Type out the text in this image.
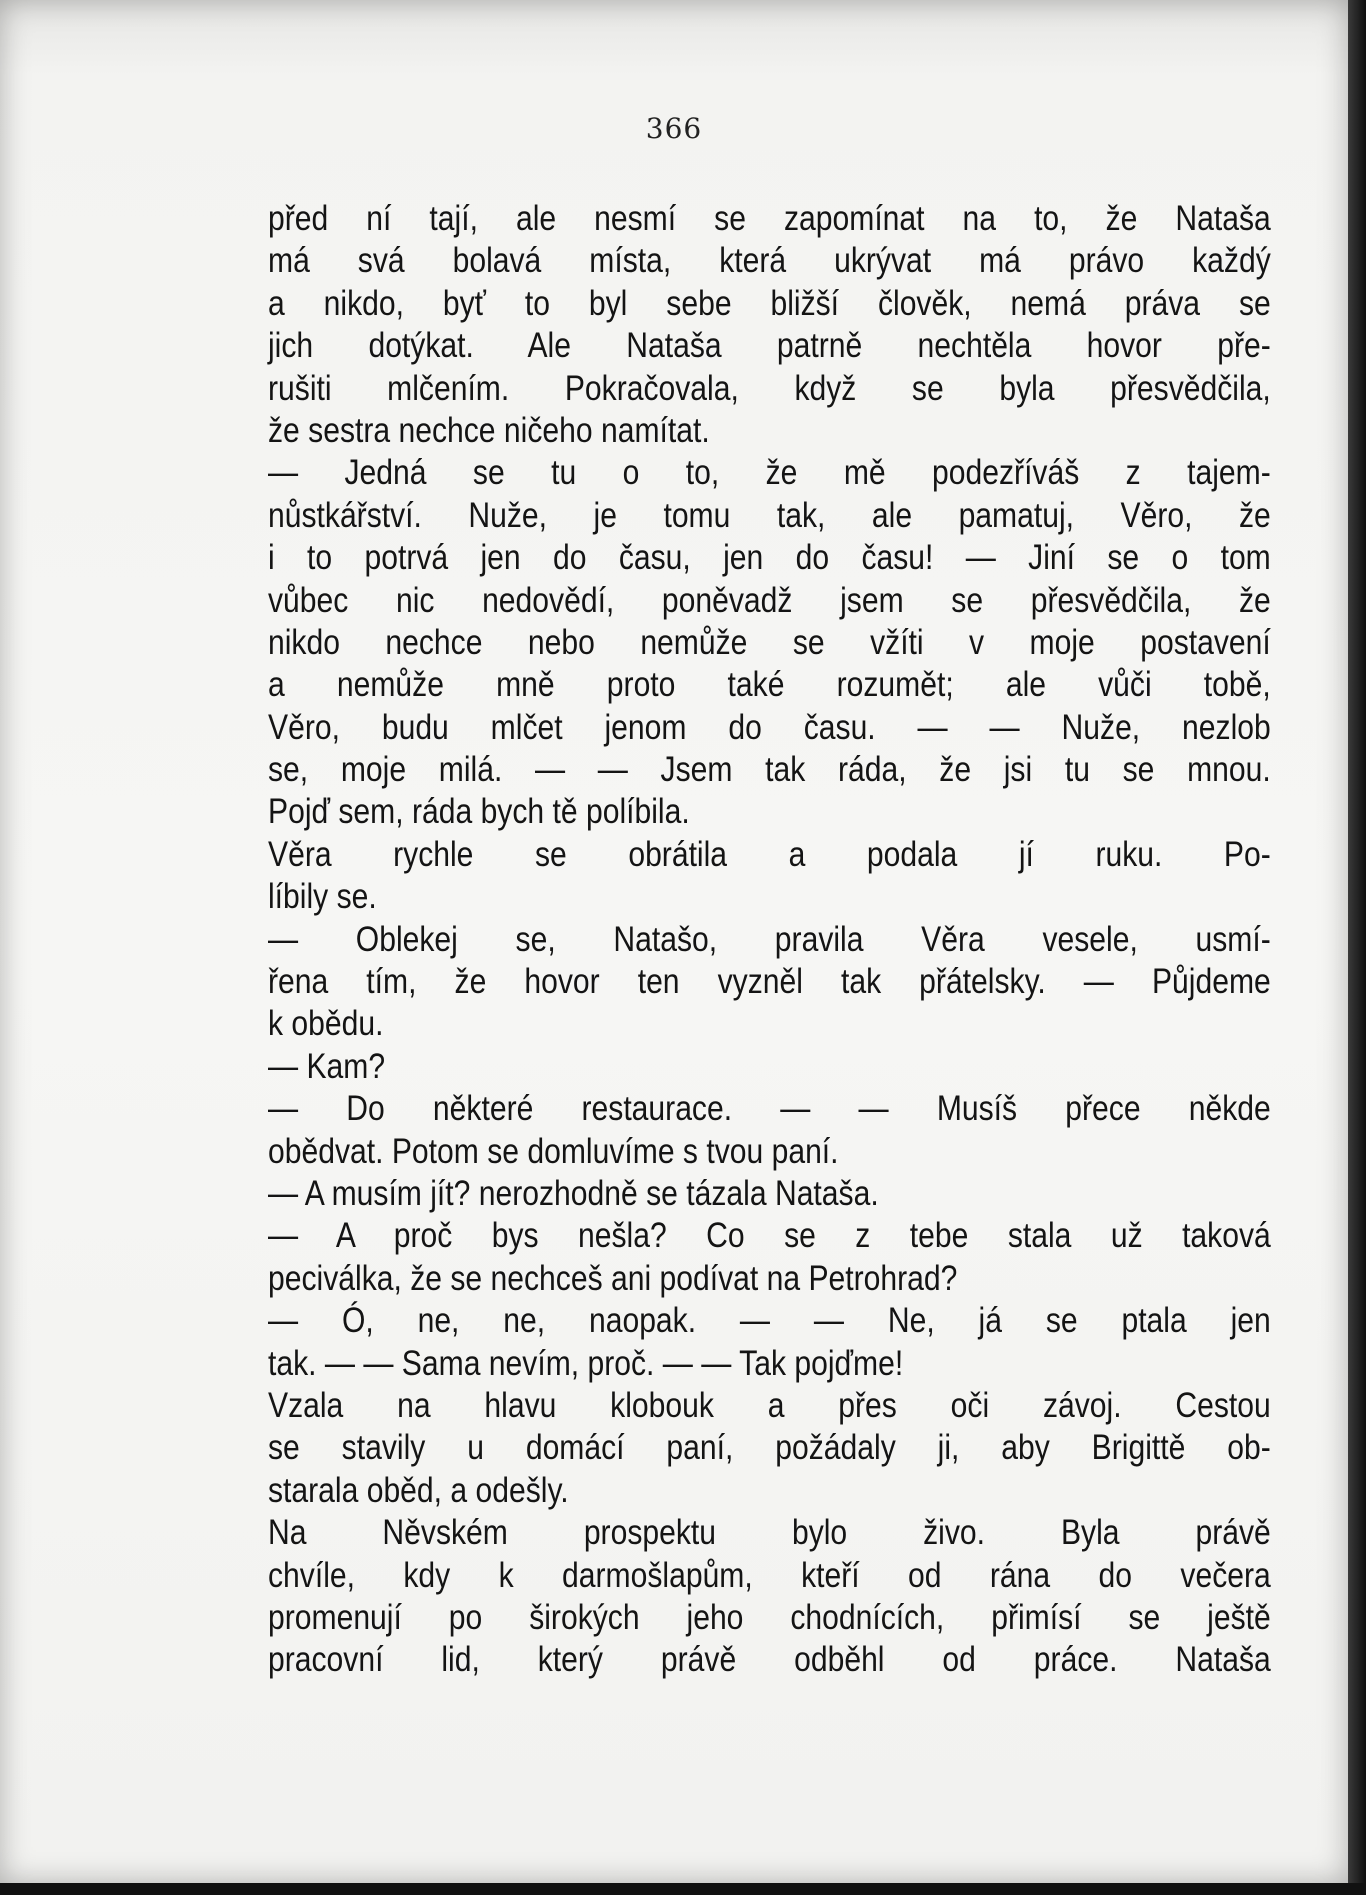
366
před ní tají, ale nesmí se zapomínat na to, že Nataša
má svá bolavá místa, která ukrývat má právo každý
a nikdo, byť to byl sebe bližší člověk, nemá práva se
jich dotýkat. Ale Nataša patrně nechtěla hovor pře-
rušiti mlčením. Pokračovala, když se byla přesvědčila,
že sestra nechce ničeho namítat.
— Jedná se tu o to, že mě podezříváš z tajem-
nůstkářství. Nuže, je tomu tak, ale pamatuj, Věro, že
i to potrvá jen do času, jen do času! — Jiní se o tom
vůbec nic nedovědí, poněvadž jsem se přesvědčila, že
nikdo nechce nebo nemůže se vžíti v moje postavení
a nemůže mně proto také rozumět; ale vůči tobě,
Věro, budu mlčet jenom do času. — — Nuže, nezlob
se, moje milá. — — Jsem tak ráda, že jsi tu se mnou.
Pojď sem, ráda bych tě políbila.
Věra rychle se obrátila a podala jí ruku. Po-
líbily se.
— Oblekej se, Natašo, pravila Věra vesele, usmí-
řena tím, že hovor ten vyzněl tak přátelsky. — Půjdeme
k obědu.
— Kam?
— Do některé restaurace. — — Musíš přece někde
obědvat. Potom se domluvíme s tvou paní.
— A musím jít? nerozhodně se tázala Nataša.
— A proč bys nešla? Co se z tebe stala už taková
peciválka, že se nechceš ani podívat na Petrohrad?
— Ó, ne, ne, naopak. — — Ne, já se ptala jen
tak. — — Sama nevím, proč. — — Tak pojďme!
Vzala na hlavu klobouk a přes oči závoj. Cestou
se stavily u domácí paní, požádaly ji, aby Brigittě ob-
starala oběd, a odešly.
Na Něvském prospektu bylo živo. Byla právě
chvíle, kdy k darmošlapům, kteří od rána do večera
promenují po širokých jeho chodnících, přimísí se ještě
pracovní lid, který právě odběhl od práce. Nataša
